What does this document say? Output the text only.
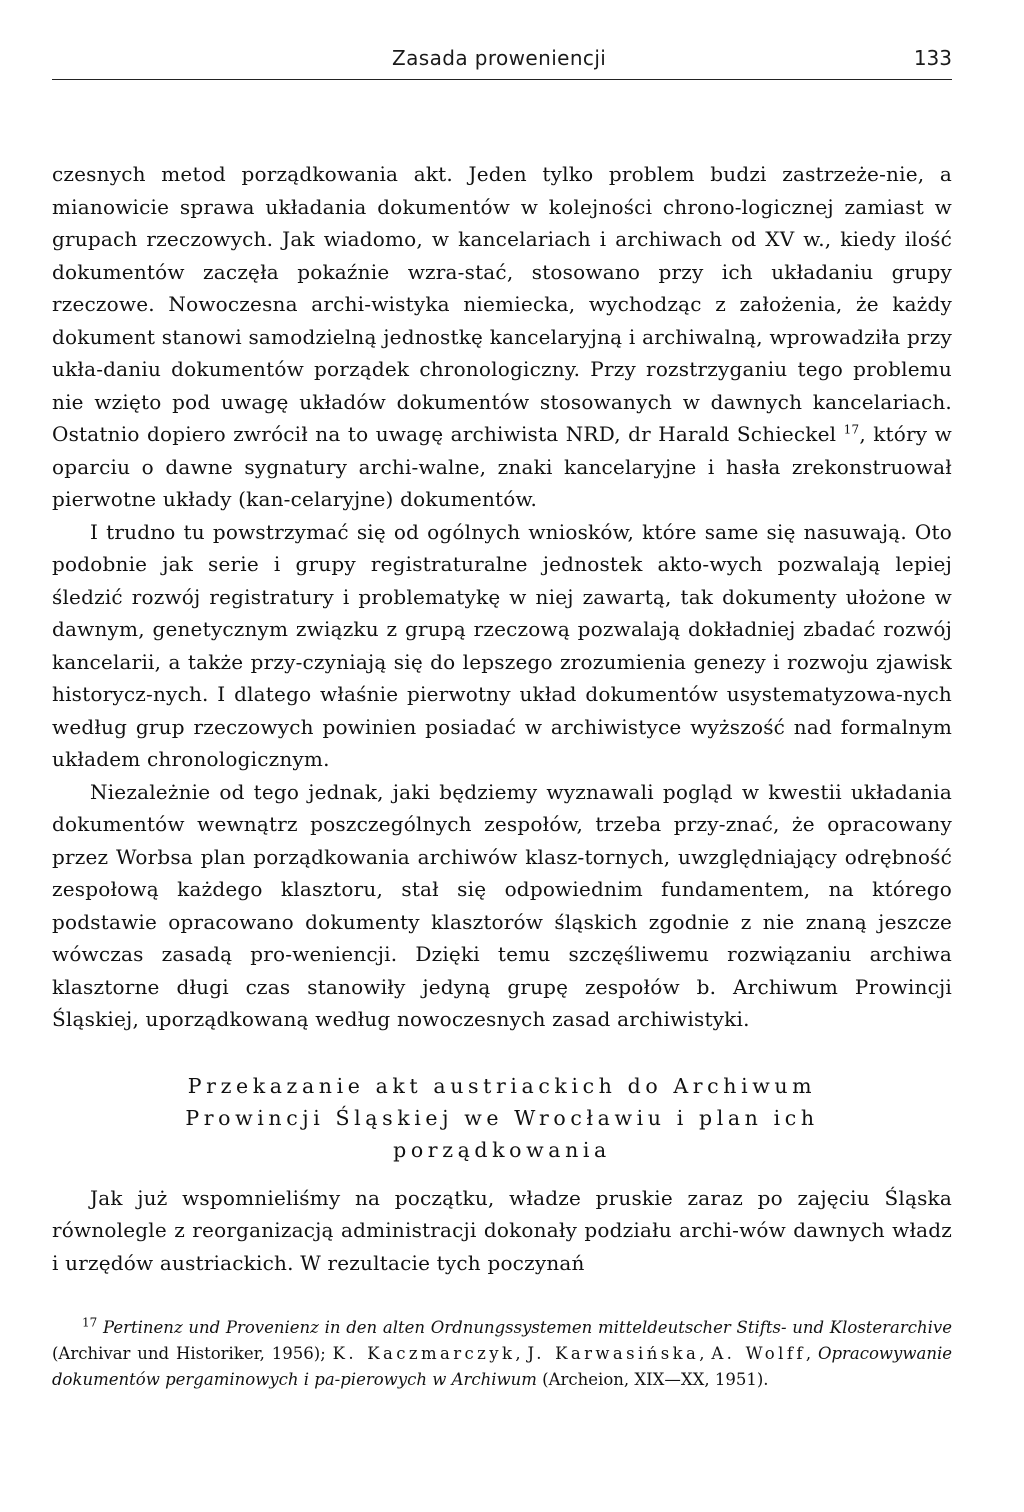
Zasada proweniencji	133

czesnych metod porządkowania akt. Jeden tylko problem budzi zastrzeże-nie, a mianowicie sprawa układania dokumentów w kolejności chrono-logicznej zamiast w grupach rzeczowych. Jak wiadomo, w kancelariach i archiwach od XV w., kiedy ilość dokumentów zaczęła pokaźnie wzra-stać, stosowano przy ich układaniu grupy rzeczowe. Nowoczesna archi-wistyka niemiecka, wychodząc z założenia, że każdy dokument stanowi samodzielną jednostkę kancelaryjną i archiwalną, wprowadziła przy ukła-daniu dokumentów porządek chronologiczny. Przy rozstrzyganiu tego problemu nie wzięto pod uwagę układów dokumentów stosowanych w dawnych kancelariach. Ostatnio dopiero zwrócił na to uwagę archiwista NRD, dr Harald Schieckel $^{17}$, który w oparciu o dawne sygnatury archi-walne, znaki kancelaryjne i hasła zrekonstruował pierwotne układy (kan-celaryjne) dokumentów.

I trudno tu powstrzymać się od ogólnych wniosków, które same się nasuwają. Oto podobnie jak serie i grupy registraturalne jednostek akto-wych pozwalają lepiej śledzić rozwój registratury i problematykę w niej zawartą, tak dokumenty ułożone w dawnym, genetycznym związku z grupą rzeczową pozwalają dokładniej zbadać rozwój kancelarii, a także przy-czyniają się do lepszego zrozumienia genezy i rozwoju zjawisk historycz-nych. I dlatego właśnie pierwotny układ dokumentów usystematyzowa-nych według grup rzeczowych powinien posiadać w archiwistyce wyższość nad formalnym układem chronologicznym.

Niezależnie od tego jednak, jaki będziemy wyznawali pogląd w kwestii układania dokumentów wewnątrz poszczególnych zespołów, trzeba przy-znać, że opracowany przez Worbsa plan porządkowania archiwów klasz-tornych, uwzględniający odrębność zespołową każdego klasztoru, stał się odpowiednim fundamentem, na którego podstawie opracowano dokumenty klasztorów śląskich zgodnie z nie znaną jeszcze wówczas zasadą pro-weniencji. Dzięki temu szczęśliwemu rozwiązaniu archiwa klasztorne długi czas stanowiły jedyną grupę zespołów b. Archiwum Prowincji Śląskiej, uporządkowaną według nowoczesnych zasad archiwistyki.

Przekazanie akt austriackich do Archiwum
Prowincji Śląskiej we Wrocławiu i plan ich
porządkowania

Jak już wspomnieliśmy na początku, władze pruskie zaraz po zajęciu Śląska równolegle z reorganizacją administracji dokonały podziału archi-wów dawnych władz i urzędów austriackich. W rezultacie tych poczynań

$^{17}$ Pertinenz und Provenienz in den alten Ordnungssystemen mitteldeutscher Stifts- und Klosterarchive (Archivar und Historiker, 1956); K. Kaczmarczyk, J. Karwasińska, A. Wolff, Opracowywanie dokumentów pergaminowych i pa-pierowych w Archiwum (Archeion, XIX—XX, 1951).
